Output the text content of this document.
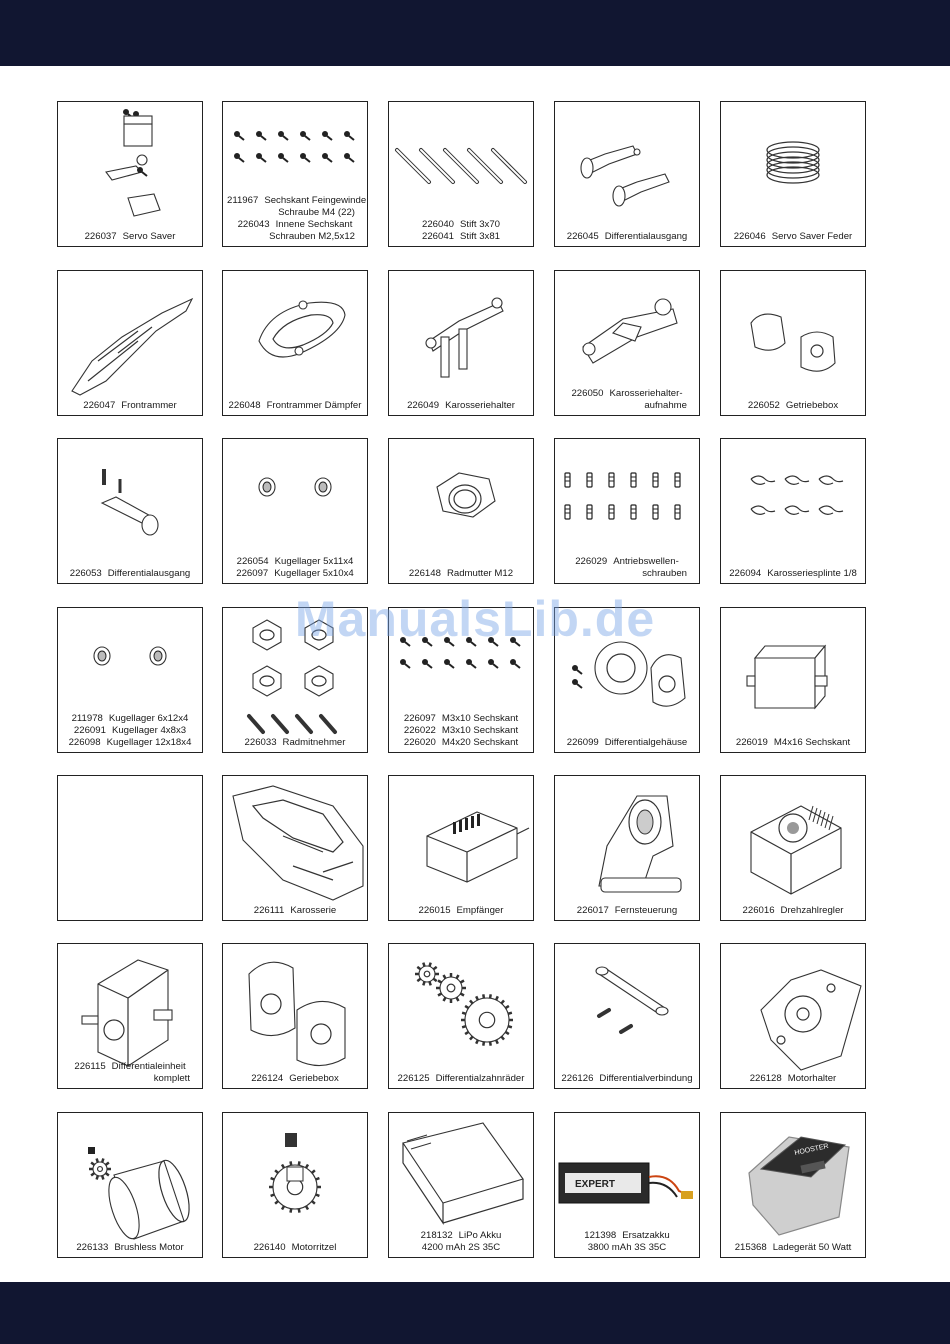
226037 Servo Saver
211967 Sechskant Feingewinde
Schraube M4 (22)
226043 Innene Sechskant
Schrauben M2,5x12
226040 Stift 3x70
226041 Stift 3x81	226045 Differentialausgang	226046 Servo Saver Feder
226047 Frontrammer	226048 Frontrammer Dämpfer	226049 Karosseriehalter
226050 Karosseriehalter-
aufnahme	226052 Getriebebox
226053 Differentialausgang
226054 Kugellager 5x11x4
226097 Kugellager 5x10x4	226148 Radmutter M12
226029 Antriebswellen-
schrauben	226094 Karosseriesplinte 1/8
211978 Kugellager 6x12x4
226091 Kugellager 4x8x3
226098 Kugellager 12x18x4	226033 Radmitnehmer
226097 M3x10 Sechskant
226022 M3x10 Sechskant
226020 M4x20 Sechskant	226099 Differentialgehäuse	226019 M4x16 Sechskant
226111 Karosserie	226015 Empfänger	226017 Fernsteuerung	226016 Drehzahlregler
226115 Differentialeinheit
komplett	226124 Geriebebox	226125 Differentialzahnräder	226126 Differentialverbindung	226128 Motorhalter
226133 Brushless Motor	226140 Motorritzel
218132 LiPo Akku
4200 mAh 2S 35C
EXPERT
121398 Ersatzakku
3800 mAh 3S 35C
HOOSTER
215368 Ladegerät 50 Watt
ManualsLib.de
